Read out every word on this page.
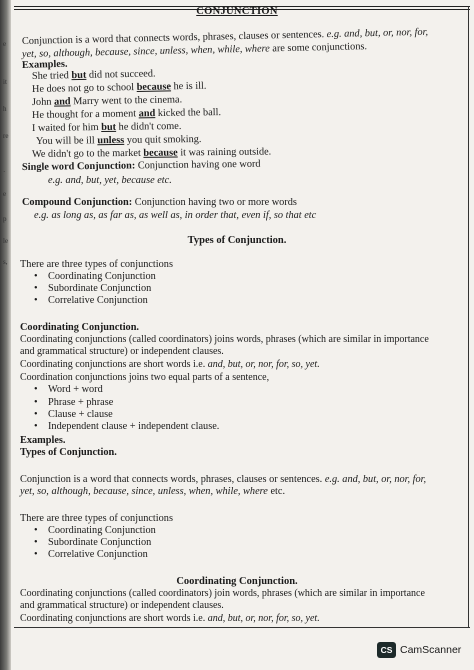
e
it
h
re
·
e
p
le
s,
CONJUNCTION
Conjunction is a word that connects words, phrases, clauses or sentences. e.g. and, but, or, nor, for,
yet, so, although, because, since, unless, when, while, where are some conjunctions.
Examples.
She tried but did not succeed.
He does not go to school because he is ill.
John and Marry went to the cinema.
He thought for a moment and kicked the ball.
I waited for him but he didn't come.
You will be ill unless you quit smoking.
We didn't go to the market because it was raining outside.
Single word Conjunction: Conjunction having one word
e.g. and, but, yet, because etc.
Compound Conjunction: Conjunction having two or more words
e.g. as long as, as far as, as well as, in order that, even if, so that etc
Types of Conjunction.
There are three types of conjunctions
• Coordinating Conjunction
• Subordinate Conjunction
• Correlative Conjunction
Coordinating Conjunction.
Coordinating conjunctions (called coordinators) joins words, phrases (which are similar in importance
and grammatical structure) or independent clauses.
Coordinating conjunctions are short words i.e. and, but, or, nor, for, so, yet.
Coordination conjunctions joins two equal parts of a sentence,
• Word + word
• Phrase + phrase
• Clause + clause
• Independent clause + independent clause.
Examples.
Types of Conjunction.
Conjunction is a word that connects words, phrases, clauses or sentences. e.g. and, but, or, nor, for,
yet, so, although, because, since, unless, when, while, where etc.
There are three types of conjunctions
• Coordinating Conjunction
• Subordinate Conjunction
• Correlative Conjunction
Coordinating Conjunction.
Coordinating conjunctions (called coordinators) join words, phrases (which are similar in importance
and grammatical structure) or independent clauses.
Coordinating conjunctions are short words i.e. and, but, or, nor, for, so, yet.
CS CamScanner
